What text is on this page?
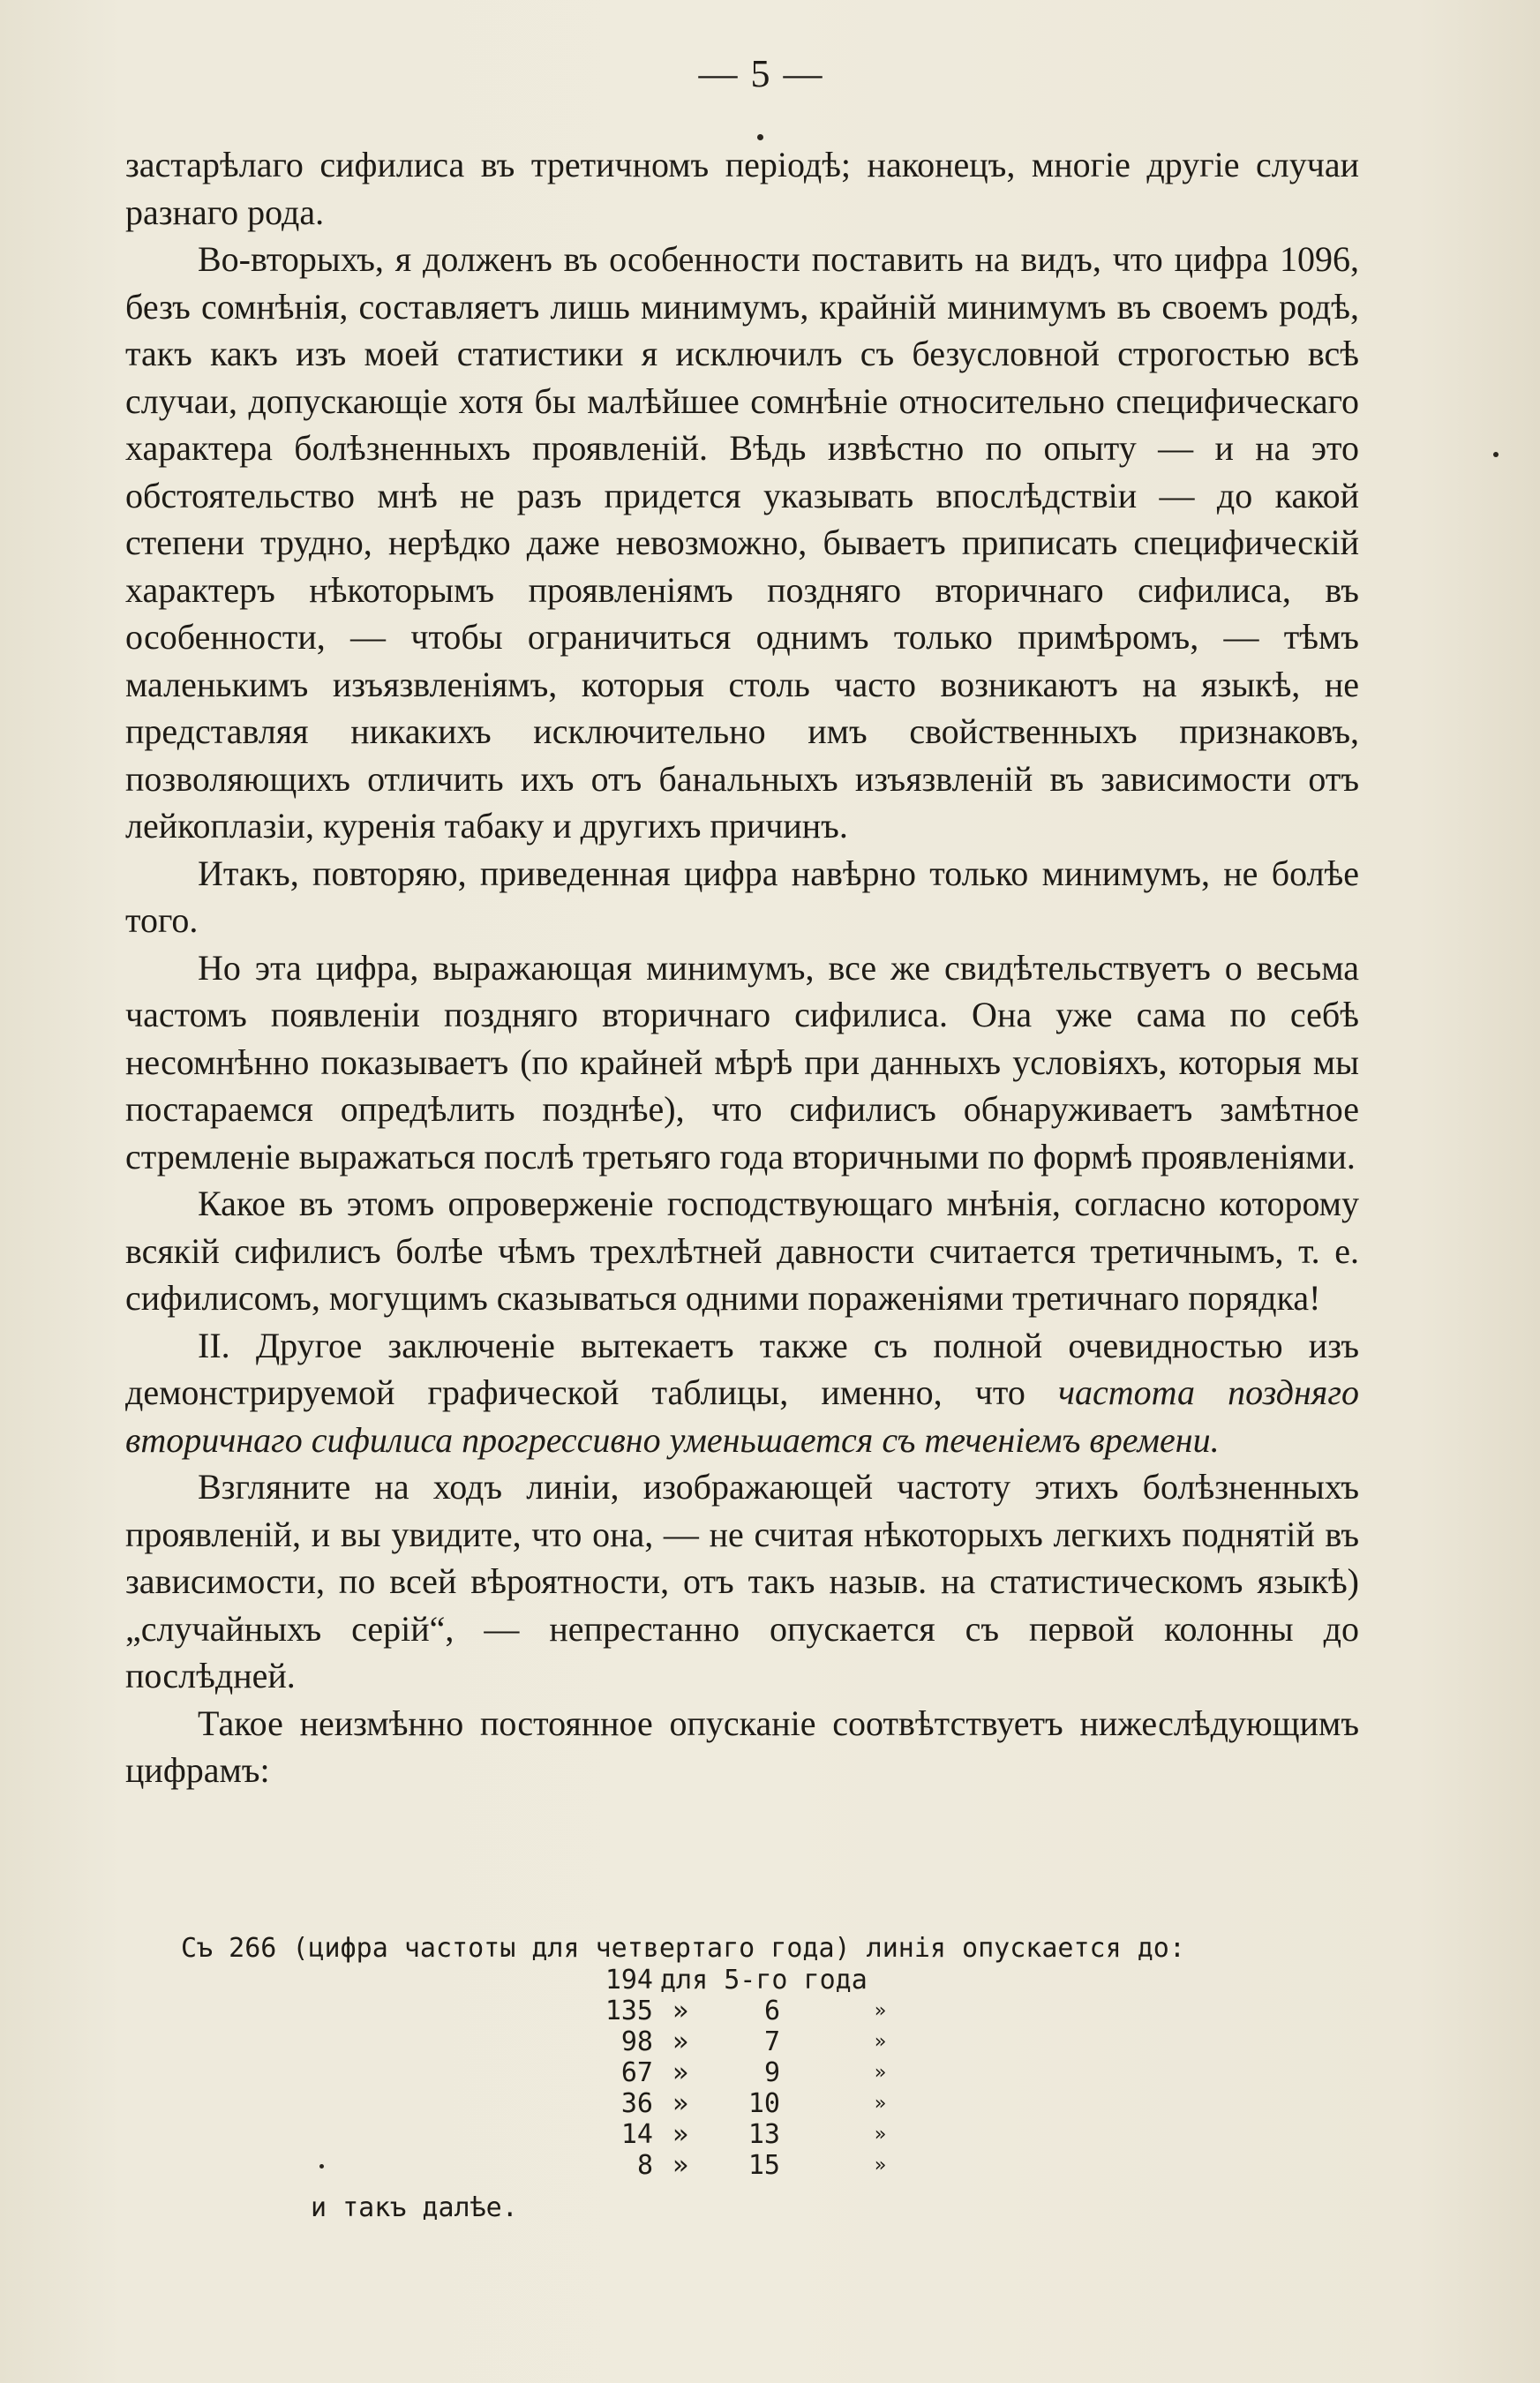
— 5 —

застарѣлаго сифилиса въ третичномъ періодѣ; наконецъ, многіе другіе случаи разнаго рода.

Во-вторыхъ, я долженъ въ особенности поставить на видъ, что цифра 1096, безъ сомнѣнія, составляетъ лишь минимумъ, крайній минимумъ въ своемъ родѣ, такъ какъ изъ моей статистики я исключилъ съ безусловной строгостью всѣ случаи, допускающіе хотя бы малѣйшее сомнѣніе относительно специфическаго характера болѣзненныхъ проявленій. Вѣдь извѣстно по опыту — и на это обстоятельство мнѣ не разъ придется указывать впослѣдствіи — до какой степени трудно, нерѣдко даже невозможно, бываетъ приписать специфическій характеръ нѣкоторымъ проявленіямъ поздняго вторичнаго сифилиса, въ особенности, — чтобы ограничиться однимъ только примѣромъ, — тѣмъ маленькимъ изъязвленіямъ, которыя столь часто возникаютъ на языкѣ, не представляя никакихъ исключительно имъ свойственныхъ признаковъ, позволяющихъ отличить ихъ отъ банальныхъ изъязвленій въ зависимости отъ лейкоплазіи, куренія табаку и другихъ причинъ.

Итакъ, повторяю, приведенная цифра навѣрно только минимумъ, не болѣе того.

Но эта цифра, выражающая минимумъ, все же свидѣтельствуетъ о весьма частомъ появленіи поздняго вторичнаго сифилиса. Она уже сама по себѣ несомнѣнно показываетъ (по крайней мѣрѣ при данныхъ условіяхъ, которыя мы постараемся опредѣлить позднѣе), что сифилисъ обнаруживаетъ замѣтное стремленіе выражаться послѣ третьяго года вторичными по формѣ проявленіями.

Какое въ этомъ опроверженіе господствующаго мнѣнія, согласно которому всякій сифилисъ болѣе чѣмъ трехлѣтней давности считается третичнымъ, т. е. сифилисомъ, могущимъ сказываться одними пораженіями третичнаго порядка!

II. Другое заключеніе вытекаетъ также съ полной очевидностью изъ демонстрируемой графической таблицы, именно, что частота поздняго вторичнаго сифилиса прогрессивно уменьшается съ теченіемъ времени.

Взгляните на ходъ линіи, изображающей частоту этихъ болѣзненныхъ проявленій, и вы увидите, что она, — не считая нѣкоторыхъ легкихъ поднятій въ зависимости, по всей вѣроятности, отъ такъ назыв. на статистическомъ языкѣ) „случайныхъ серій“, — непрестанно опускается съ первой колонны до послѣдней.

Такое неизмѣнно постоянное опусканіе соотвѣтствуетъ нижеслѣдующимъ цифрамъ:

Съ 266 (цифра частоты для четвертаго года) линія опускается до:
194	для 5-го года		
135	»	6	»
98	»	7	»
67	»	9	»
36	»	10	»
14	»	13	»
8	»	15	»
и такъ далѣе.
